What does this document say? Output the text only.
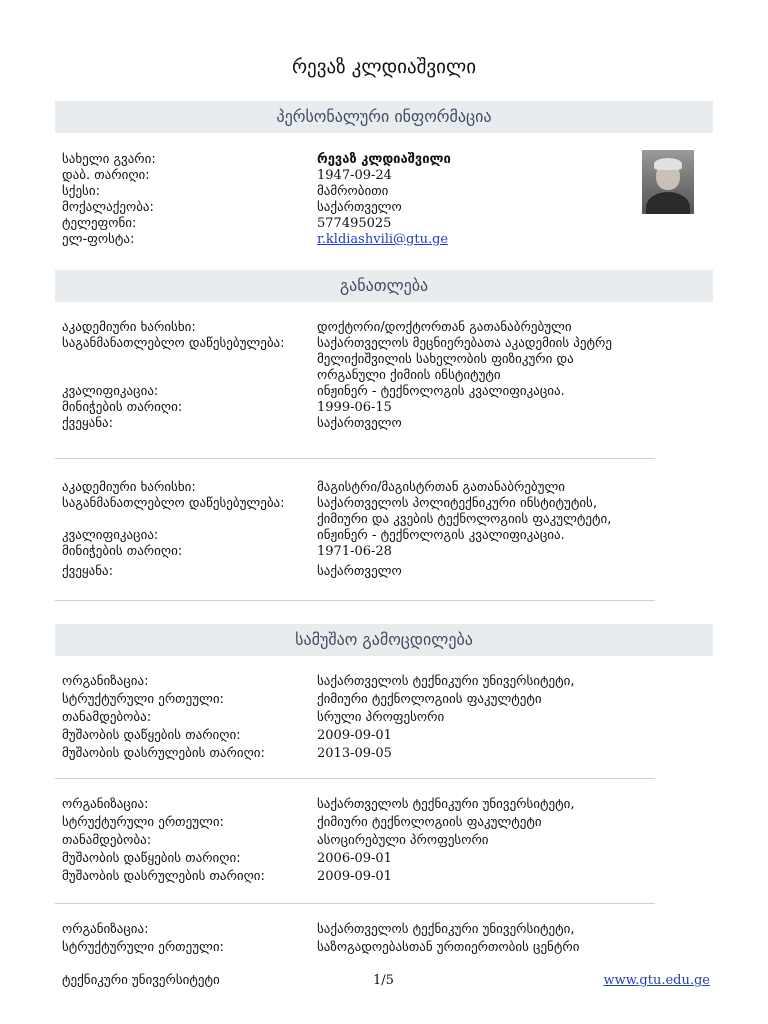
რევაზ კლდიაშვილი
პერსონალური ინფორმაცია
სახელი გვარი:	რევაზ კლდიაშვილი
დაბ. თარიღი:	1947-09-24
სქესი:	მამრობითი
მოქალაქეობა:	საქართველო
ტელეფონი:	577495025
ელ-ფოსტა:	r.kldiashvili@gtu.ge
განათლება
აკადემიური ხარისხი:	დოქტორი/დოქტორთან გათანაბრებული
საგანმანათლებლო დაწესებულება:	საქართველოს მეცნიერებათა აკადემიის პეტრე
მელიქიშვილის სახელობის ფიზიკური და
ორგანული ქიმიის ინსტიტუტი
კვალიფიკაცია:	ინჟინერ - ტექნოლოგის კვალიფიკაცია.
მინიჭების თარიღი:	1999-06-15
ქვეყანა:	საქართველო
აკადემიური ხარისხი:	მაგისტრი/მაგისტრთან გათანაბრებული
საგანმანათლებლო დაწესებულება:	საქართველოს პოლიტექნიკური ინსტიტუტის,
ქიმიური და კვების ტექნოლოგიის ფაკულტეტი,
კვალიფიკაცია:	ინჟინერ - ტექნოლოგის კვალიფიკაცია.
მინიჭების თარიღი:	1971-06-28
ქვეყანა:	საქართველო
სამუშაო გამოცდილება
ორგანიზაცია:	საქართველოს ტექნიკური უნივერსიტეტი,
სტრუქტურული ერთეული:	ქიმიური ტექნოლოგიის ფაკულტეტი
თანამდებობა:	სრული პროფესორი
მუშაობის დაწყების თარიღი:	2009-09-01
მუშაობის დასრულების თარიღი:	2013-09-05
ორგანიზაცია:	საქართველოს ტექნიკური უნივერსიტეტი,
სტრუქტურული ერთეული:	ქიმიური ტექნოლოგიის ფაკულტეტი
თანამდებობა:	ასოცირებული პროფესორი
მუშაობის დაწყების თარიღი:	2006-09-01
მუშაობის დასრულების თარიღი:	2009-09-01
ორგანიზაცია:	საქართველოს ტექნიკური უნივერსიტეტი,
სტრუქტურული ერთეული:	საზოგადოებასთან ურთიერთობის ცენტრი
ტექნიკური უნივერსიტეტი	1/5	www.gtu.edu.ge
